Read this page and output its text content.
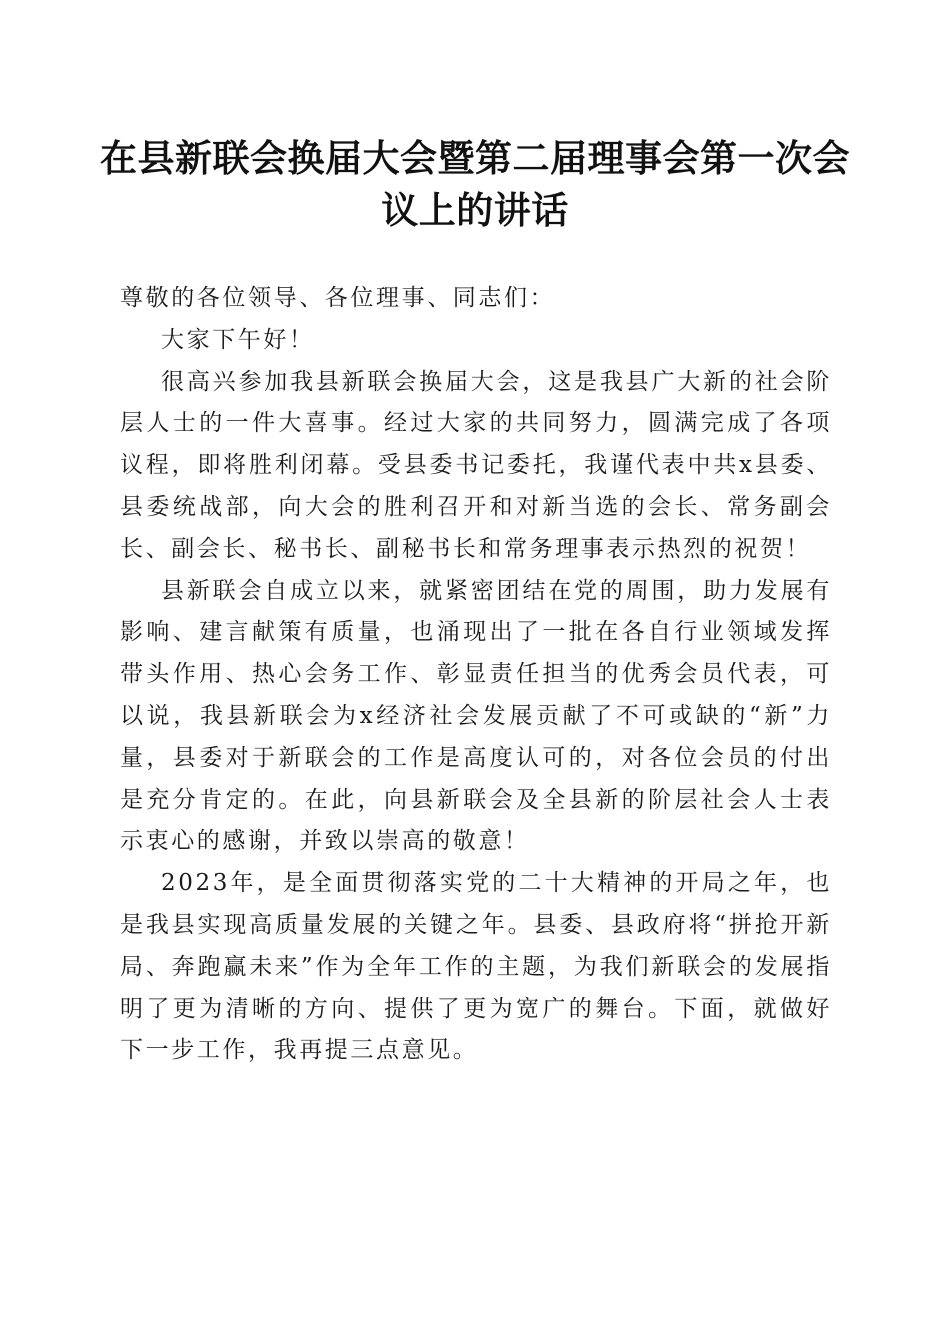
在县新联会换届大会暨第二届理事会第一次会议上的讲话

尊敬的各位领导、各位理事、同志们：

大家下午好！

很高兴参加我县新联会换届大会，这是我县广大新的社会阶层人士的一件大喜事。经过大家的共同努力，圆满完成了各项议程，即将胜利闭幕。受县委书记委托，我谨代表中共x县委、县委统战部，向大会的胜利召开和对新当选的会长、常务副会长、副会长、秘书长、副秘书长和常务理事表示热烈的祝贺！

县新联会自成立以来，就紧密团结在党的周围，助力发展有影响、建言献策有质量，也涌现出了一批在各自行业领域发挥带头作用、热心会务工作、彰显责任担当的优秀会员代表，可以说，我县新联会为x经济社会发展贡献了不可或缺的“新”力量，县委对于新联会的工作是高度认可的，对各位会员的付出是充分肯定的。在此，向县新联会及全县新的阶层社会人士表示衷心的感谢，并致以崇高的敬意！

2023年，是全面贯彻落实党的二十大精神的开局之年，也是我县实现高质量发展的关键之年。县委、县政府将“拼抢开新局、奔跑赢未来”作为全年工作的主题，为我们新联会的发展指明了更为清晰的方向、提供了更为宽广的舞台。下面，就做好下一步工作，我再提三点意见。
